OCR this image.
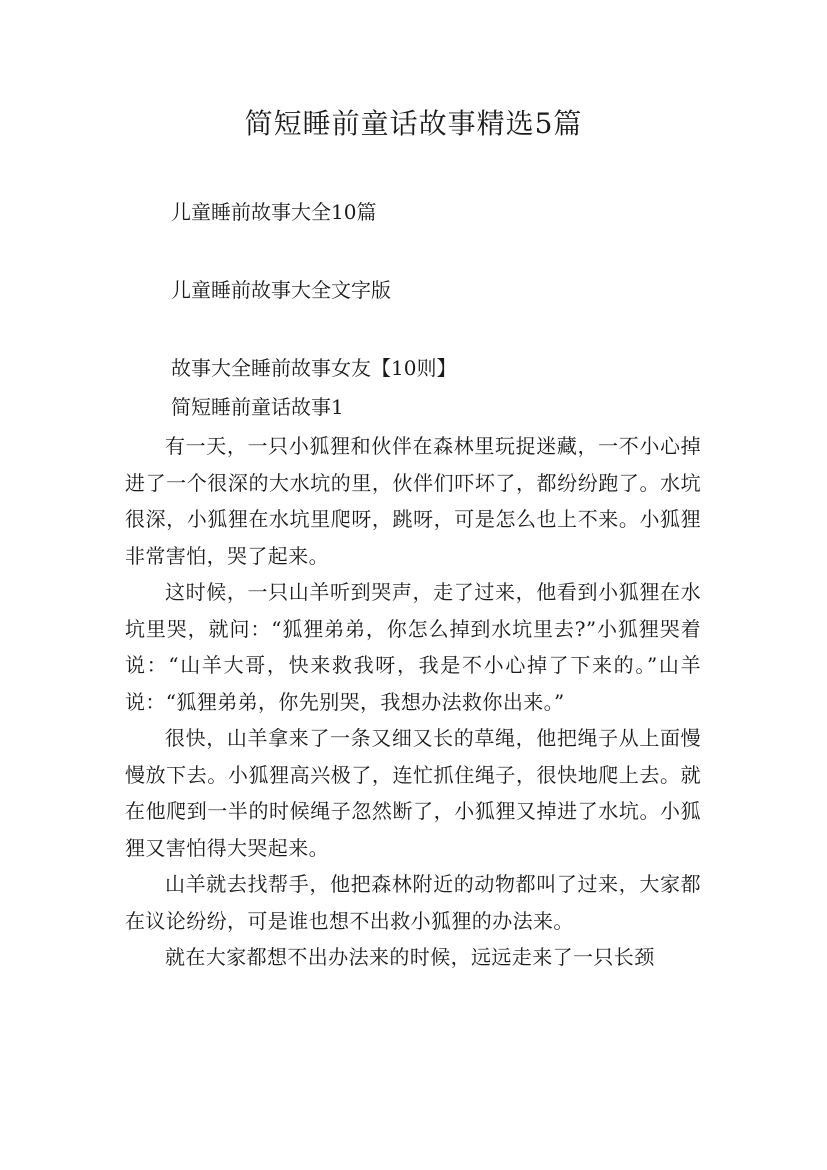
简短睡前童话故事精选5篇

儿童睡前故事大全10篇

儿童睡前故事大全文字版

故事大全睡前故事女友【10则】

简短睡前童话故事1

有一天，一只小狐狸和伙伴在森林里玩捉迷藏，一不小心掉进了一个很深的大水坑的里，伙伴们吓坏了，都纷纷跑了。水坑很深，小狐狸在水坑里爬呀，跳呀，可是怎么也上不来。小狐狸非常害怕，哭了起来。

这时候，一只山羊听到哭声，走了过来，他看到小狐狸在水坑里哭，就问：“狐狸弟弟，你怎么掉到水坑里去?”小狐狸哭着说：“山羊大哥，快来救我呀，我是不小心掉了下来的。”山羊说：“狐狸弟弟，你先别哭，我想办法救你出来。”

很快，山羊拿来了一条又细又长的草绳，他把绳子从上面慢慢放下去。小狐狸高兴极了，连忙抓住绳子，很快地爬上去。就在他爬到一半的时候绳子忽然断了，小狐狸又掉进了水坑。小狐狸又害怕得大哭起来。

山羊就去找帮手，他把森林附近的动物都叫了过来，大家都在议论纷纷，可是谁也想不出救小狐狸的办法来。

就在大家都想不出办法来的时候，远远走来了一只长颈
